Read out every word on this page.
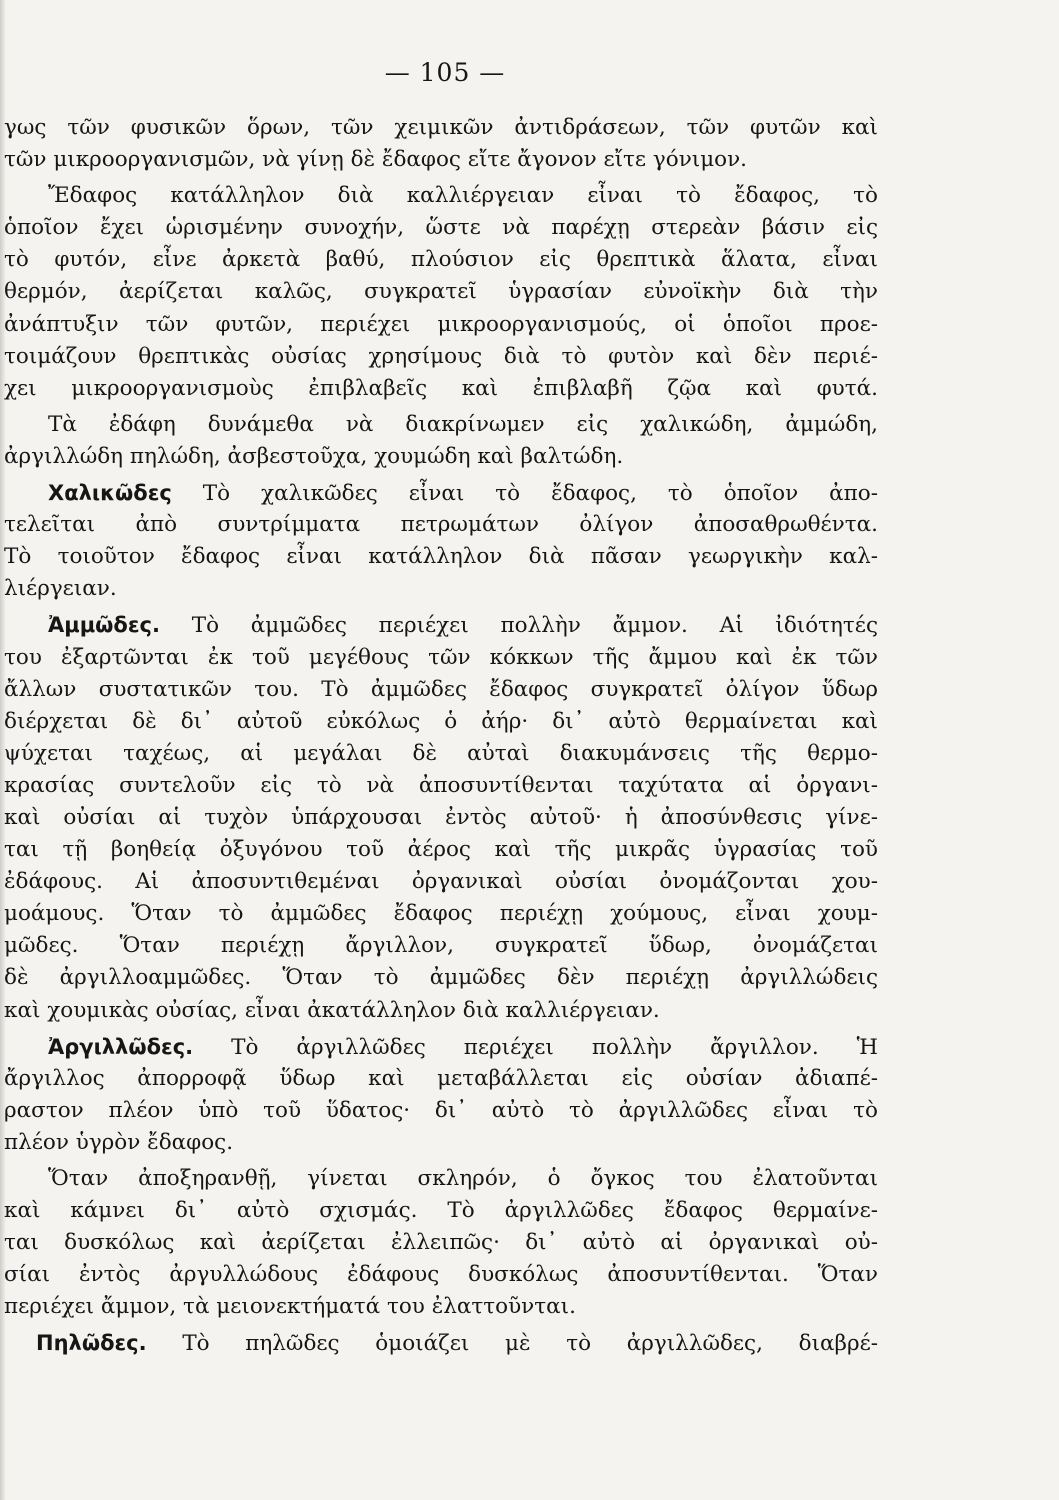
— 105 —
γως τῶν φυσικῶν ὅρων, τῶν χειμικῶν ἀντιδράσεων, τῶν φυτῶν καὶ
τῶν μικροοργανισμῶν, νὰ γίνῃ δὲ ἔδαφος εἴτε ἄγονον εἴτε γόνιμον.
Ἔδαφος κατάλληλον διὰ καλλιέργειαν εἶναι τὸ ἔδαφος, τὸ
ὁποῖον ἔχει ὡρισμένην συνοχήν, ὥστε νὰ παρέχῃ στερεὰν βάσιν εἰς
τὸ φυτόν, εἶνε ἀρκετὰ βαθύ, πλούσιον εἰς θρεπτικὰ ἅλατα, εἶναι
θερμόν, ἀερίζεται καλῶς, συγκρατεῖ ὑγρασίαν εὐνοϊκὴν διὰ τὴν
ἀνάπτυξιν τῶν φυτῶν, περιέχει μικροοργανισμούς, οἱ ὁποῖοι προε-
τοιμάζουν θρεπτικὰς οὐσίας χρησίμους διὰ τὸ φυτὸν καὶ δὲν περιέ-
χει μικροοργανισμοὺς ἐπιβλαβεῖς καὶ ἐπιβλαβῆ ζῷα καὶ φυτά.
Τὰ ἐδάφη δυνάμεθα νὰ διακρίνωμεν εἰς χαλικώδη, ἀμμώδη,
ἀργιλλώδη πηλώδη, ἀσβεστοῦχα, χουμώδη καὶ βαλτώδη.
Χαλικῶδες Τὸ χαλικῶδες εἶναι τὸ ἔδαφος, τὸ ὁποῖον ἀπο-
τελεῖται ἀπὸ συντρίμματα πετρωμάτων ὀλίγον ἀποσαθρωθέντα.
Τὸ τοιοῦτον ἔδαφος εἶναι κατάλληλον διὰ πᾶσαν γεωργικὴν καλ-
λιέργειαν.
Ἀμμῶδες. Τὸ ἀμμῶδες περιέχει πολλὴν ἄμμον. Αἱ ἰδιότητές
του ἐξαρτῶνται ἐκ τοῦ μεγέθους τῶν κόκκων τῆς ἄμμου καὶ ἐκ τῶν
ἄλλων συστατικῶν του. Τὸ ἀμμῶδες ἔδαφος συγκρατεῖ ὀλίγον ὕδωρ
διέρχεται δὲ δι᾽ αὐτοῦ εὐκόλως ὁ ἀήρ· δι᾽ αὐτὸ θερμαίνεται καὶ
ψύχεται ταχέως, αἱ μεγάλαι δὲ αὐταὶ διακυμάνσεις τῆς θερμο-
κρασίας συντελοῦν εἰς τὸ νὰ ἀποσυντίθενται ταχύτατα αἱ ὀργανι-
καὶ οὐσίαι αἱ τυχὸν ὑπάρχουσαι ἐντὸς αὐτοῦ· ἡ ἀποσύνθεσις γίνε-
ται τῇ βοηθείᾳ ὀξυγόνου τοῦ ἀέρος καὶ τῆς μικρᾶς ὑγρασίας τοῦ
ἐδάφους. Αἱ ἀποσυντιθεμέναι ὀργανικαὶ οὐσίαι ὀνομάζονται χου-
μοάμους. Ὅταν τὸ ἀμμῶδες ἔδαφος περιέχῃ χούμους, εἶναι χουμ-
μῶδες. Ὅταν περιέχῃ ἄργιλλον, συγκρατεῖ ὕδωρ, ὀνομάζεται
δὲ ἀργιλλοαμμῶδες. Ὅταν τὸ ἀμμῶδες δὲν περιέχῃ ἀργιλλώδεις
καὶ χουμικὰς οὐσίας, εἶναι ἀκατάλληλον διὰ καλλιέργειαν.
Ἀργιλλῶδες. Τὸ ἀργιλλῶδες περιέχει πολλὴν ἄργιλλον. Ἡ
ἄργιλλος ἀπορροφᾷ ὕδωρ καὶ μεταβάλλεται εἰς οὐσίαν ἀδιαπέ-
ραστον πλέον ὑπὸ τοῦ ὕδατος· δι᾽ αὐτὸ τὸ ἀργιλλῶδες εἶναι τὸ
πλέον ὑγρὸν ἔδαφος.
Ὅταν ἀποξηρανθῇ, γίνεται σκληρόν, ὁ ὄγκος του ἐλατοῦνται
καὶ κάμνει δι᾽ αὐτὸ σχισμάς. Τὸ ἀργιλλῶδες ἔδαφος θερμαίνε-
ται δυσκόλως καὶ ἀερίζεται ἐλλειπῶς· δι᾽ αὐτὸ αἱ ὀργανικαὶ οὐ-
σίαι ἐντὸς ἀργυλλώδους ἐδάφους δυσκόλως ἀποσυντίθενται. Ὅταν
περιέχει ἄμμον, τὰ μειονεκτήματά του ἐλαττοῦνται.
Πηλῶδες. Τὸ πηλῶδες ὁμοιάζει μὲ τὸ ἀργιλλῶδες, διαβρέ-
